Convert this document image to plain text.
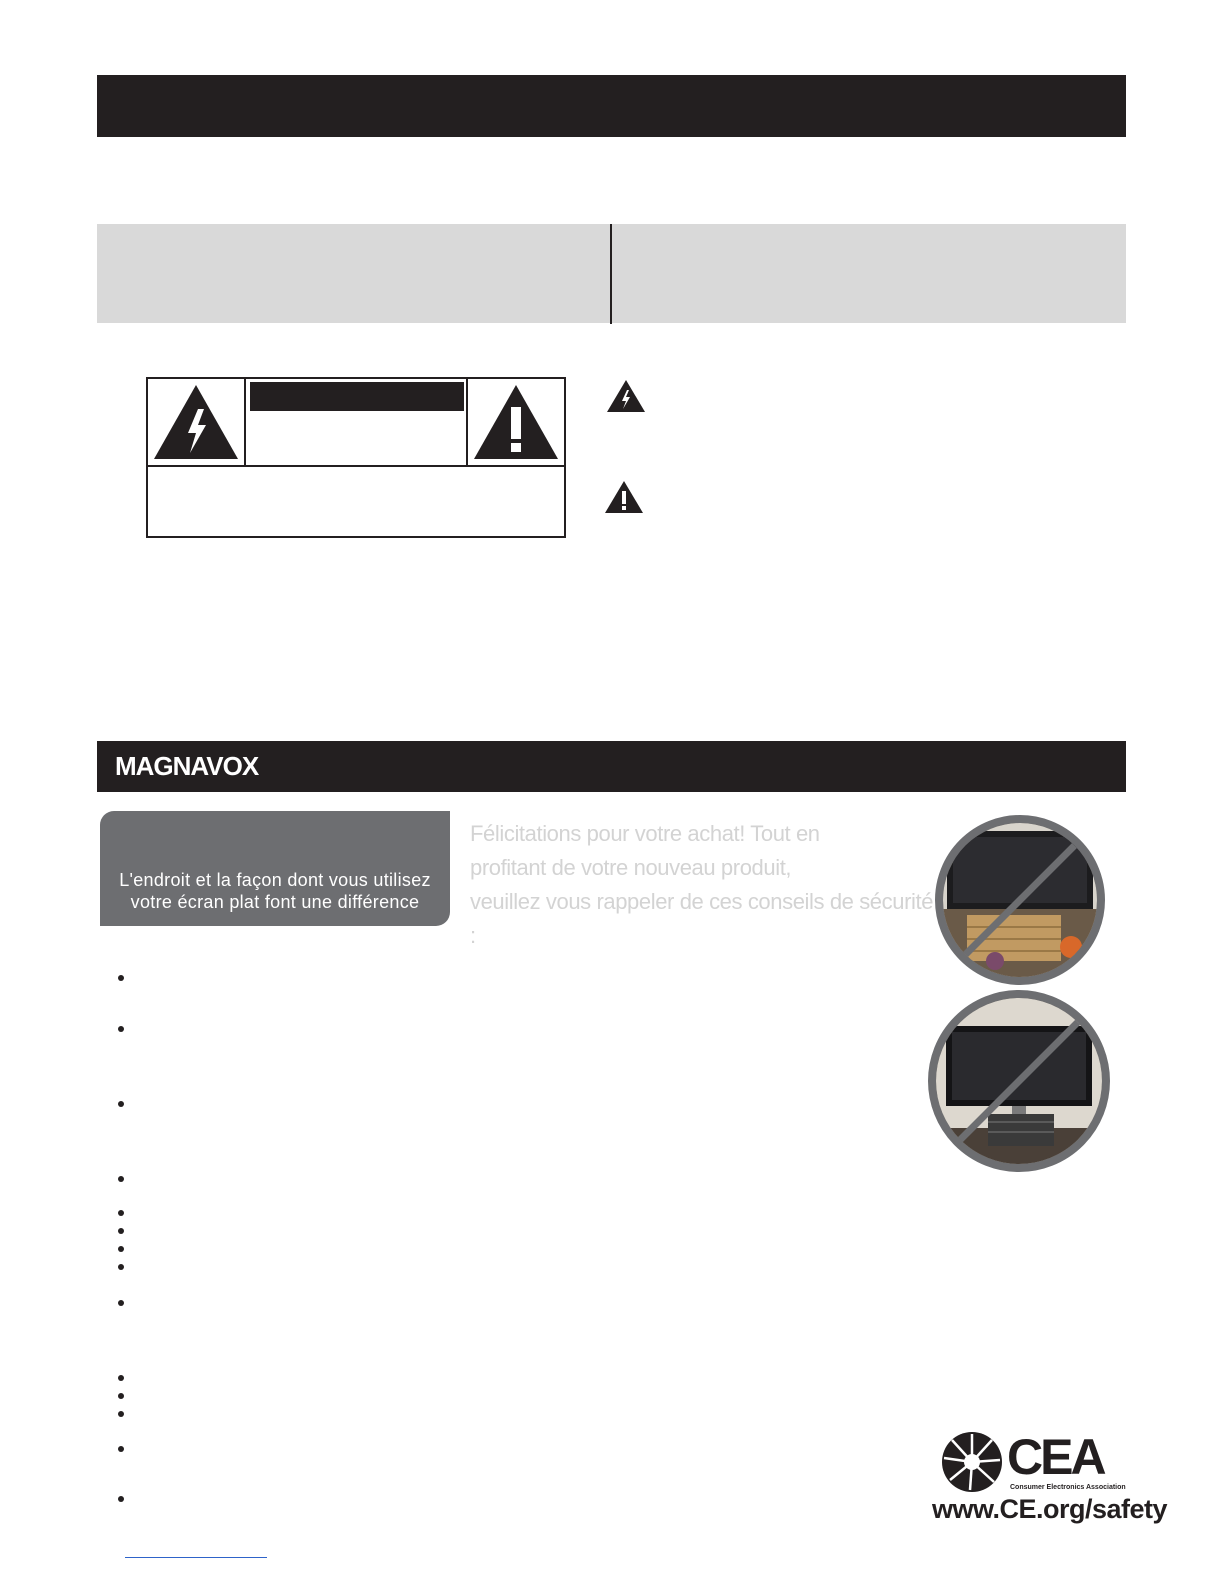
MAGNAVOX
L'endroit et la façon dont vous utilisez
votre écran plat font une différence
Félicitations pour votre achat! Tout en
profitant de votre nouveau produit,
veuillez vous rappeler de ces conseils de sécurité :
CEA
Consumer Electronics Association
www.CE.org/safety
